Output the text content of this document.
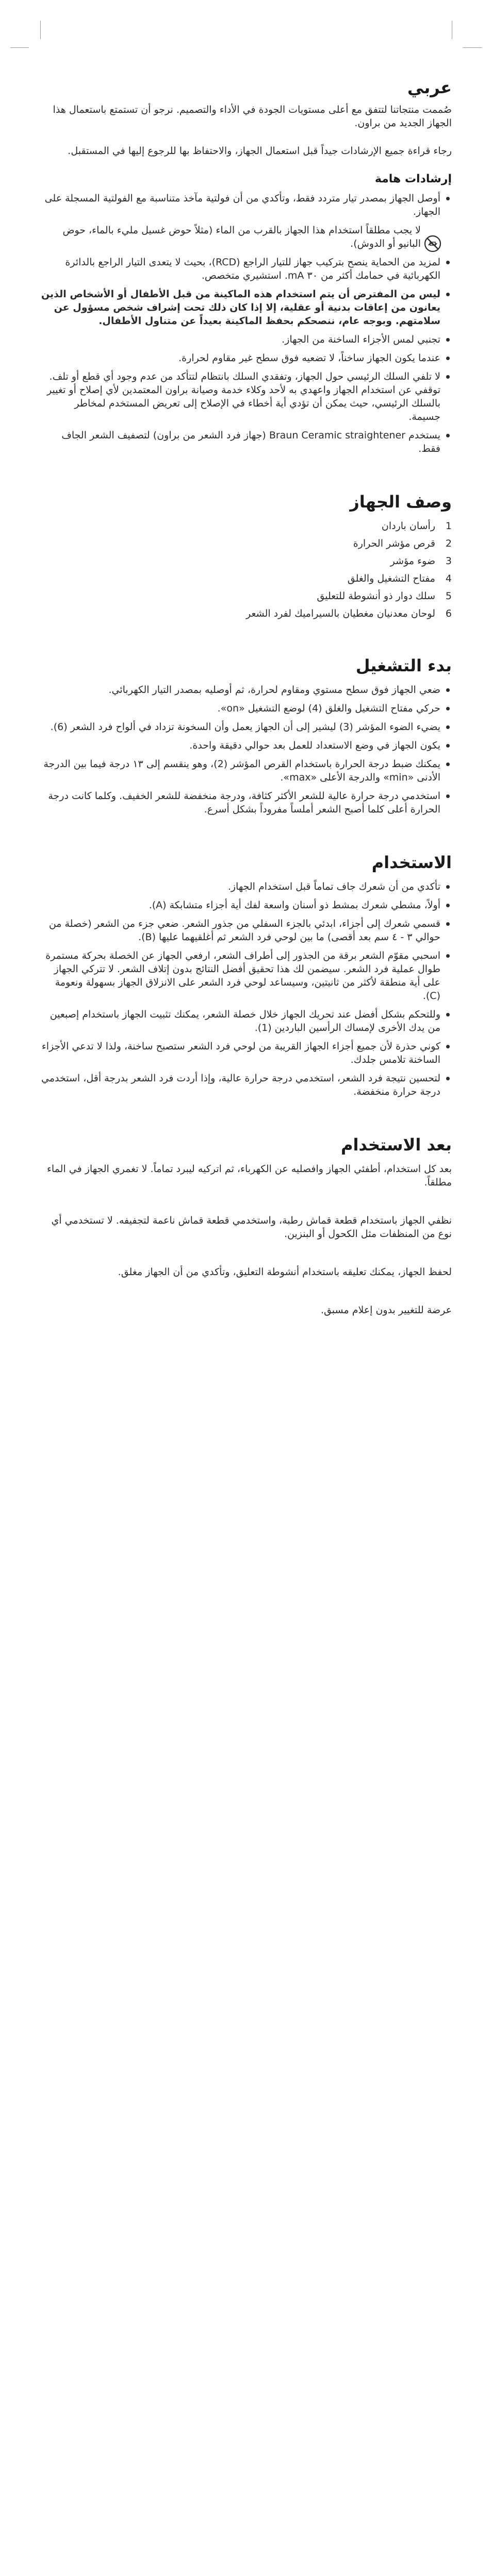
عربي

صُممت منتجاتنا لتتفق مع أعلى مستويات الجودة في الأداء والتصميم. نرجو أن تستمتع باستعمال هذا الجهاز الجديد من براون.

رجاء قراءة جميع الإرشادات جيداً قبل استعمال الجهاز، والاحتفاظ بها للرجوع إليها في المستقبل.

إرشادات هامة
أوصل الجهاز بمصدر تيار متردد فقط، وتأكدي من أن فولتية مآخذ متناسبة مع الفولتية المسجلة على الجهاز.
لا يجب مطلقاً استخدام هذا الجهاز بالقرب من الماء (مثلاً حوض غسيل مليء بالماء، حوض البانيو أو الدوش).
لمزيد من الحماية ينصح بتركيب جهاز للتيار الراجع (RCD)، بحيث لا يتعدى التيار الراجع بالدائرة الكهربائية في حمامك أكثر من ٣٠ mA. استشيري متخصص.
ليس من المفترض أن يتم استخدام هذه الماكينة من قبل الأطفال أو الأشخاص الذين يعانون من إعاقات بدنية أو عقلية، إلا إذا كان ذلك تحت إشراف شخص مسؤول عن سلامتهم. وبوجه عام، ننصحكم بحفظ الماكينة بعيداً عن متناول الأطفال.
تجنبي لمس الأجزاء الساخنة من الجهاز.
عندما يكون الجهاز ساخناً، لا تضعيه فوق سطح غير مقاوم لحرارة.
لا تلفي السلك الرئيسي حول الجهاز، وتفقدي السلك بانتظام لتتأكد من عدم وجود أي قطع أو تلف. توقفي عن استخدام الجهاز واعهدي به لأحد وكلاء خدمة وصيانة براون المعتمدين لأي إصلاح أو تغيير بالسلك الرئيسي، حيث يمكن أن تؤدي أية أخطاء في الإصلاح إلى تعريض المستخدم لمخاطر جسيمة.
يستخدم Braun Ceramic straightener (جهاز فرد الشعر من براون) لتصفيف الشعر الجاف فقط.
وصف الجهاز
1
رأسان باردان
2
قرص مؤشر الحرارة
3
ضوء مؤشر
4
مفتاح التشغيل والغلق
5
سلك دوار ذو أنشوطة للتعليق
6
لوحان معدنيان مغطيان بالسيراميك لفرد الشعر
بدء التشغيل
ضعي الجهاز فوق سطح مستوي ومقاوم لحرارة، ثم أوصليه بمصدر التيار الكهربائي.
حركي مفتاح التشغيل والغلق (4) لوضع التشغيل «on».
يضيء الضوء المؤشر (3) ليشير إلى أن الجهاز يعمل وأن السخونة تزداد في ألواح فرد الشعر (6).
يكون الجهاز في وضع الاستعداد للعمل بعد حوالي دقيقة واحدة.
يمكنك ضبط درجة الحرارة باستخدام القرص المؤشر (2)، وهو ينقسم إلى ١٣ درجة فيما بين الدرجة الأدنى «min» والدرجة الأعلى «max».
استخدمي درجة حرارة عالية للشعر الأكثر كثافة، ودرجة منخفضة للشعر الخفيف. وكلما كانت درجة الحرارة أعلى كلما أصبح الشعر أملساً مفروداً بشكل أسرع.
الاستخدام
تأكدي من أن شعرك جاف تماماً قبل استخدام الجهاز.
أولاً، مشطي شعرك بمشط ذو أسنان واسعة لفك أية أجزاء متشابكة (A).
قسمي شعرك إلى أجزاء، ابدئي بالجزء السفلي من جذور الشعر. ضعي جزء من الشعر (خصلة من حوالي ٣ - ٤ سم بعد أقصى) ما بين لوحي فرد الشعر ثم أغلقيهما عليها (B).
اسحبي مقوّم الشعر برقة من الجذور إلى أطراف الشعر، ارفعي الجهاز عن الخصلة بحركة مستمرة طوال عملية فرد الشعر. سيضمن لك هذا تحقيق أفضل النتائج بدون إتلاف الشعر. لا تتركي الجهاز على أية منطقة لأكثر من ثانيتين، وسيساعد لوحي فرد الشعر على الانزلاق الجهاز بسهولة ونعومة (C).
وللتحكم بشكل أفضل عند تحريك الجهاز خلال خصلة الشعر، يمكنك تثبيت الجهاز باستخدام إصبعين من يدك الأخرى لإمساك الرأسين الباردين (1).
كوني حذرة لأن جميع أجزاء الجهاز القريبة من لوحي فرد الشعر ستصبح ساخنة، ولذا لا تدعي الأجزاء الساخنة تلامس جلدك.
لتحسين نتيجة فرد الشعر، استخدمي درجة حرارة عالية، وإذا أردت فرد الشعر بدرجة أقل، استخدمي درجة حرارة منخفضة.
بعد الاستخدام

بعد كل استخدام، أطفئي الجهاز وافصليه عن الكهرباء، ثم اتركيه ليبرد تماماً. لا تغمري الجهاز في الماء مطلقاً.

نظفي الجهاز باستخدام قطعة قماش رطبة، واستخدمي قطعة قماش ناعمة لتجفيفه. لا تستخدمي أي نوع من المنظفات مثل الكحول أو البنزين.

لحفظ الجهاز، يمكنك تعليقه باستخدام أنشوطة التعليق، وتأكدي من أن الجهاز مغلق.

عرضة للتغيير بدون إعلام مسبق.
